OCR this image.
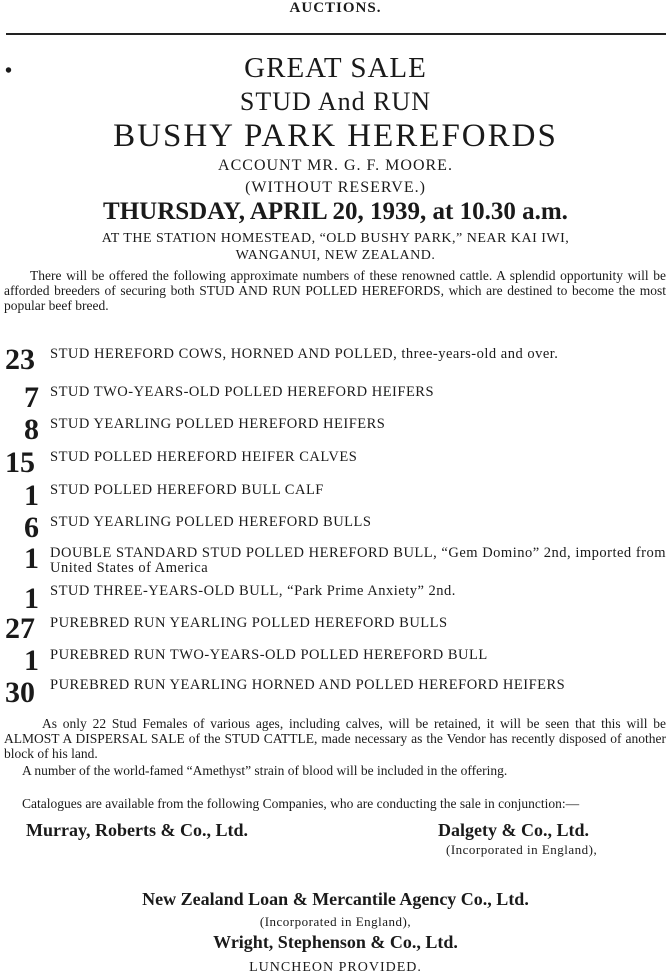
AUCTIONS.
•	GREAT SALE
STUD And RUN
BUSHY PARK HEREFORDS
ACCOUNT MR. G. F. MOORE.
(WITHOUT RESERVE.)
THURSDAY, APRIL 20, 1939, at 10.30 a.m.
AT THE STATION HOMESTEAD, “OLD BUSHY PARK,” NEAR KAI IWI,
WANGANUI, NEW ZEALAND.
There will be offered the following approximate numbers of these renowned cattle. A splendid opportunity will be afforded breeders of securing both STUD AND RUN POLLED HEREFORDS, which are destined to become the most popular beef breed.
23 STUD HEREFORD COWS, HORNED AND POLLED, three-years-old and over.
7 STUD TWO-YEARS-OLD POLLED HEREFORD HEIFERS
8 STUD YEARLING POLLED HEREFORD HEIFERS
15 STUD POLLED HEREFORD HEIFER CALVES
1 STUD POLLED HEREFORD BULL CALF
6 STUD YEARLING POLLED HEREFORD BULLS
1 DOUBLE STANDARD STUD POLLED HEREFORD BULL, “Gem Domino” 2nd, imported from United States of America
1 STUD THREE-YEARS-OLD BULL, “Park Prime Anxiety” 2nd.
27 PUREBRED RUN YEARLING POLLED HEREFORD BULLS
1 PUREBRED RUN TWO-YEARS-OLD POLLED HEREFORD BULL
30 PUREBRED RUN YEARLING HORNED AND POLLED HEREFORD HEIFERS
As only 22 Stud Females of various ages, including calves, will be retained, it will be seen that this will be ALMOST A DISPERSAL SALE of the STUD CATTLE, made necessary as the Vendor has recently disposed of another block of his land.
A number of the world-famed “Amethyst” strain of blood will be included in the offering.
Catalogues are available from the following Companies, who are conducting the sale in conjunction:—
Murray, Roberts & Co., Ltd.	Dalgety & Co., Ltd.
(Incorporated in England),
Wright, Stephenson & Co., Ltd.
New Zealand Loan & Mercantile Agency Co., Ltd.
(Incorporated in England),
LUNCHEON PROVIDED.
